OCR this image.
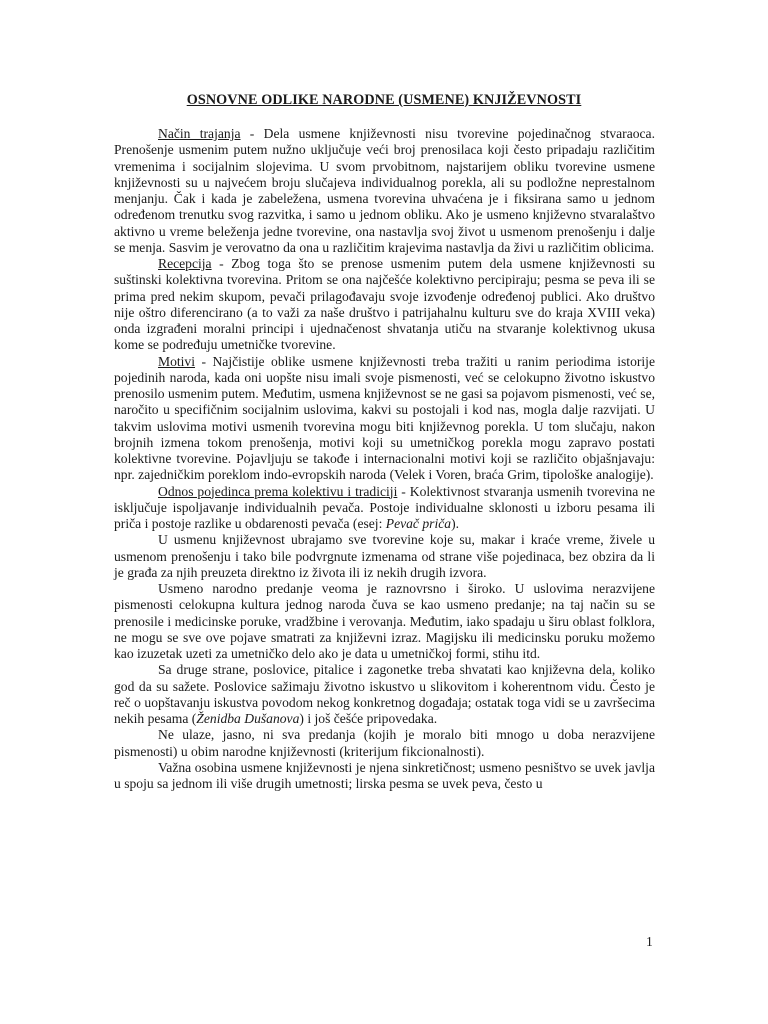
OSNOVNE ODLIKE NARODNE (USMENE) KNJIŽEVNOSTI

Način trajanja - Dela usmene književnosti nisu tvorevine pojedinačnog stvaraoca. Prenošenje usmenim putem nužno uključuje veći broj prenosilaca koji često pripadaju različitim vremenima i socijalnim slojevima. U svom prvobitnom, najstarijem obliku tvorevine usmene književnosti su u najvećem broju slučajeva individualnog porekla, ali su podložne neprestalnom menjanju. Čak i kada je zabeležena, usmena tvorevina uhvaćena je i fiksirana samo u jednom određenom trenutku svog razvitka, i samo u jednom obliku. Ako je usmeno književno stvaralaštvo aktivno u vreme beleženja jedne tvorevine, ona nastavlja svoj život u usmenom prenošenju i dalje se menja. Sasvim je verovatno da ona u različitim krajevima nastavlja da živi u različitim oblicima.

Recepcija - Zbog toga što se prenose usmenim putem dela usmene književnosti su suštinski kolektivna tvorevina. Pritom se ona najčešće kolektivno percipiraju; pesma se peva ili se prima pred nekim skupom, pevači prilagođavaju svoje izvođenje određenoj publici. Ako društvo nije oštro diferencirano (a to važi za naše društvo i patrijahalnu kulturu sve do kraja XVIII veka) onda izgrađeni moralni principi i ujednačenost shvatanja utiču na stvaranje kolektivnog ukusa kome se podređuju umetničke tvorevine.

Motivi - Najčistije oblike usmene književnosti treba tražiti u ranim periodima istorije pojedinih naroda, kada oni uopšte nisu imali svoje pismenosti, već se celokupno životno iskustvo prenosilo usmenim putem. Međutim, usmena književnost se ne gasi sa pojavom pismenosti, već se, naročito u specifičnim socijalnim uslovima, kakvi su postojali i kod nas, mogla dalje razvijati. U takvim uslovima motivi usmenih tvorevina mogu biti književnog porekla. U tom slučaju, nakon brojnih izmena tokom prenošenja, motivi koji su umetničkog porekla mogu zapravo postati kolektivne tvorevine. Pojavljuju se takođe i internacionalni motivi koji se različito objašnjavaju: npr. zajedničkim poreklom indo-evropskih naroda (Velek i Voren, braća Grim, tipološke analogije).

Odnos pojedinca prema kolektivu i tradiciji - Kolektivnost stvaranja usmenih tvorevina ne isključuje ispoljavanje individualnih pevača. Postoje individualne sklonosti u izboru pesama ili priča i postoje razlike u obdarenosti pevača (esej: Pevač priča).

U usmenu književnost ubrajamo sve tvorevine koje su, makar i kraće vreme, živele u usmenom prenošenju i tako bile podvrgnute izmenama od strane više pojedinaca, bez obzira da li je građa za njih preuzeta direktno iz života ili iz nekih drugih izvora.

Usmeno narodno predanje veoma je raznovrsno i široko. U uslovima nerazvijene pismenosti celokupna kultura jednog naroda čuva se kao usmeno predanje; na taj način su se prenosile i medicinske poruke, vradžbine i verovanja. Međutim, iako spadaju u širu oblast folklora, ne mogu se sve ove pojave smatrati za književni izraz. Magijsku ili medicinsku poruku možemo kao izuzetak uzeti za umetničko delo ako je data u umetničkoj formi, stihu itd.

Sa druge strane, poslovice, pitalice i zagonetke treba shvatati kao književna dela, koliko god da su sažete. Poslovice sažimaju životno iskustvo u slikovitom i koherentnom vidu. Često je reč o uopštavanju iskustva povodom nekog konkretnog događaja; ostatak toga vidi se u završecima nekih pesama (Ženidba Dušanova) i još češće pripovedaka.

Ne ulaze, jasno, ni sva predanja (kojih je moralo biti mnogo u doba nerazvijene pismenosti) u obim narodne književnosti (kriterijum fikcionalnosti).

Važna osobina usmene književnosti je njena sinkretičnost; usmeno pesništvo se uvek javlja u spoju sa jednom ili više drugih umetnosti; lirska pesma se uvek peva, često u

1
